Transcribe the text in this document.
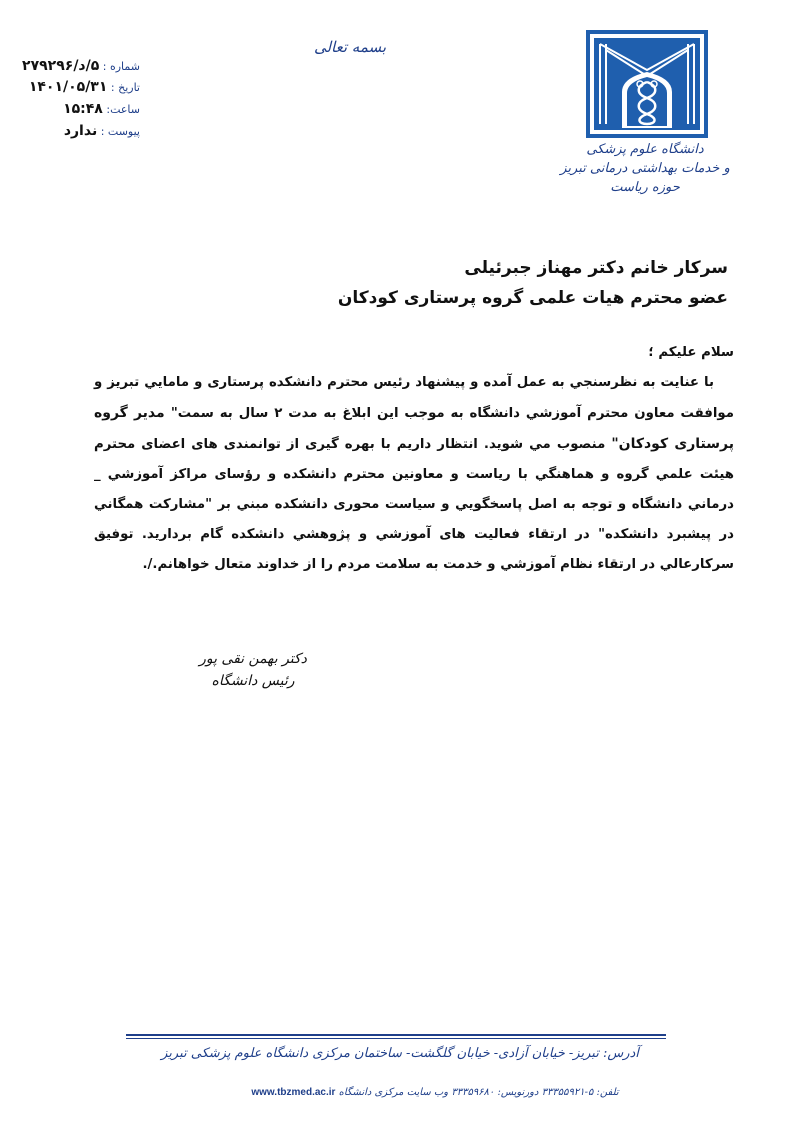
بسمه تعالی
شماره : ۵/د/۲۷۹۲۹۶
تاریخ : ۱۴۰۱/۰۵/۳۱
ساعت: ۱۵:۴۸
پیوست : ندارد
دانشگاه علوم پزشکی
و خدمات بهداشتی درمانی تبریز
حوزه ریاست
سرکار خانم دکتر مهناز جبرئیلی
عضو محترم هیات علمی گروه پرستاری کودکان

سلام علیکم ؛

با عنایت به نظرسنجي به عمل آمده و پيشنهاد رئيس محترم دانشکده پرستاری و مامايي تبريز و موافقت معاون محترم آموزشي دانشگاه به موجب اين ابلاغ به مدت ۲ سال به سمت" مدير گروه پرستاری کودکان" منصوب مي شويد. انتظار داريم با بهره گيری از توانمندی های اعضای محترم هيئت علمي گروه و هماهنگي با رياست و معاونين محترم دانشکده و رؤسای مراکز آموزشي _ درماني دانشگاه و توجه به اصل پاسخگويي و سياست محوری دانشکده مبني بر "مشارکت همگاني در پيشبرد دانشکده" در ارتقاء فعاليت های آموزشي و پژوهشي دانشکده گام برداريد. توفيق سرکارعالي در ارتقاء نظام آموزشي و خدمت به سلامت مردم را از خداوند متعال خواهانم./.

دکتر بهمن نقی پور
رئیس دانشگاه
آدرس: تبریز- خیابان آزادی- خیابان گلگشت- ساختمان مرکزی دانشگاه علوم پزشکی تبریز
تلفن: ۵-۳۳۳۵۵۹۲۱ دورنویس: ۳۳۳۵۹۶۸۰ وب سایت مرکزی دانشگاه www.tbzmed.ac.ir
